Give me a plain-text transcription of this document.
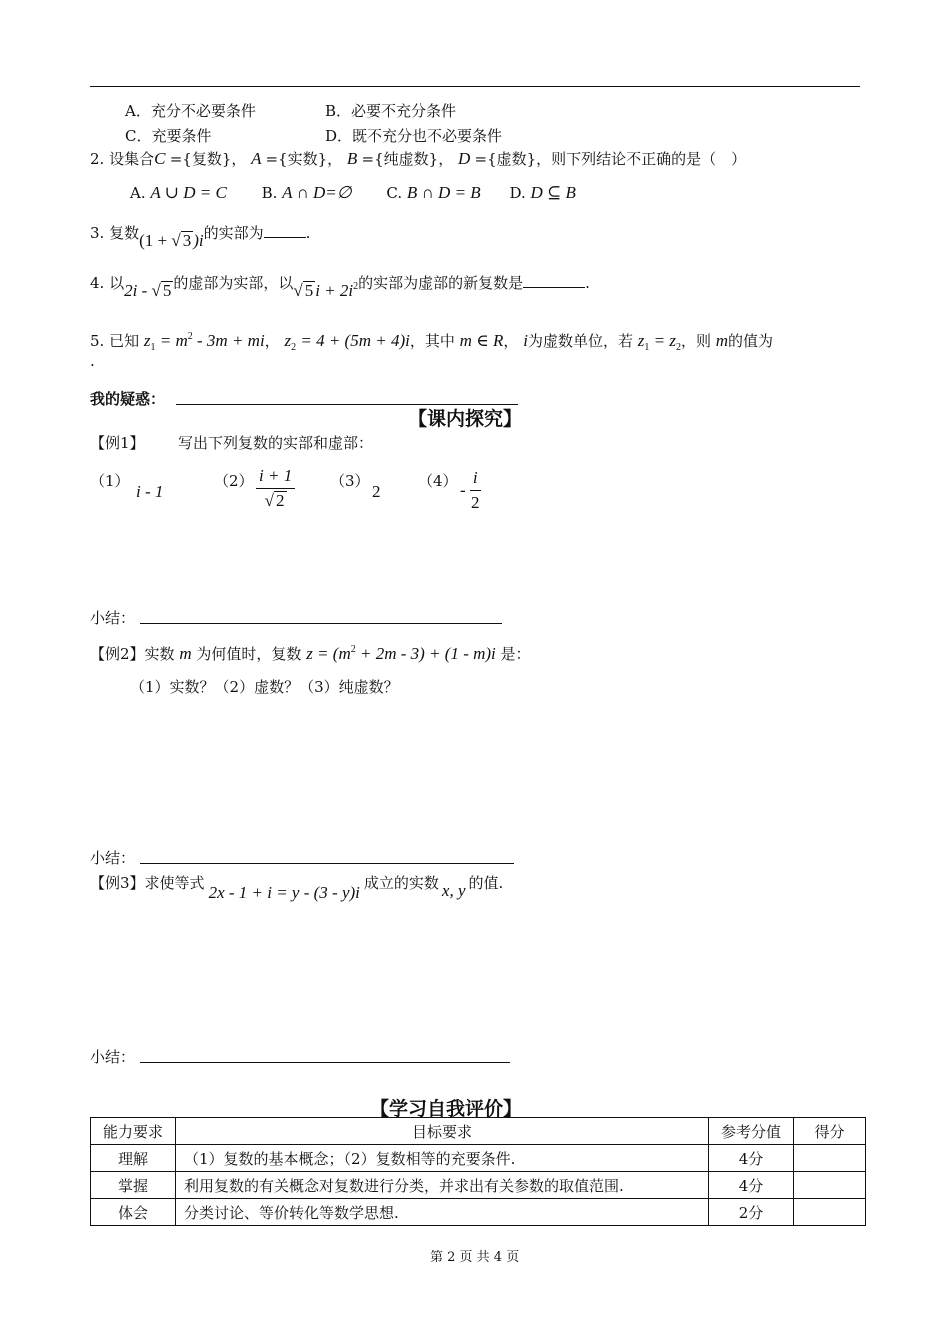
A．充分不必要条件	B．必要不充分条件
C．充要条件	D．既不充分也不必要条件
2. 设集合C ={复数}， A ={实数}， B ={纯虚数}， D ={虚数}，则下列结论不正确的是（　）
A. A ∪ D = C B. A ∩ D=∅ C. B ∩ D = B D. D ⊆ B
3. 复数(1 + √ 3 )i的实部为	.
4. 以2i - √ 5 的虚部为实部，以√ 5 $i + 2i^2$的实部为虚部的新复数是	.
5. 已知 $z_1 = m^2 - 3m$ + mi， $z_2 = 4 + (5m + 4)i$，其中 m ∈ R， i为虚数单位，若 $z_1 = z_2$，则 m的值为
.
我的疑惑：
【课内探究】
【例1】 写出下列复数的实部和虚部：
（1）
i - 1
$(2) \frac{i + 1}{√ 2} (3)$
2
$(4) - \frac{i}{2}$
小结：
【例2】实数 m 为何值时，复数 $z = (m^2 + 2m - 3) + (1 - m)i$ 是：
（1）实数？（2）虚数？（3）纯虚数？
小结：
【例3】求使等式 2x - 1 + i = y - (3 - y)i 成立的实数 x, y 的值.
小结：
【学习自我评价】
能力要求	目标要求	参考分值	得分
理解	（1）复数的基本概念；（2）复数相等的充要条件.	4分	
掌握	利用复数的有关概念对复数进行分类，并求出有关参数的取值范围.	4分	
体会	分类讨论、等价转化等数学思想.	2分	
第 2 页 共 4 页
